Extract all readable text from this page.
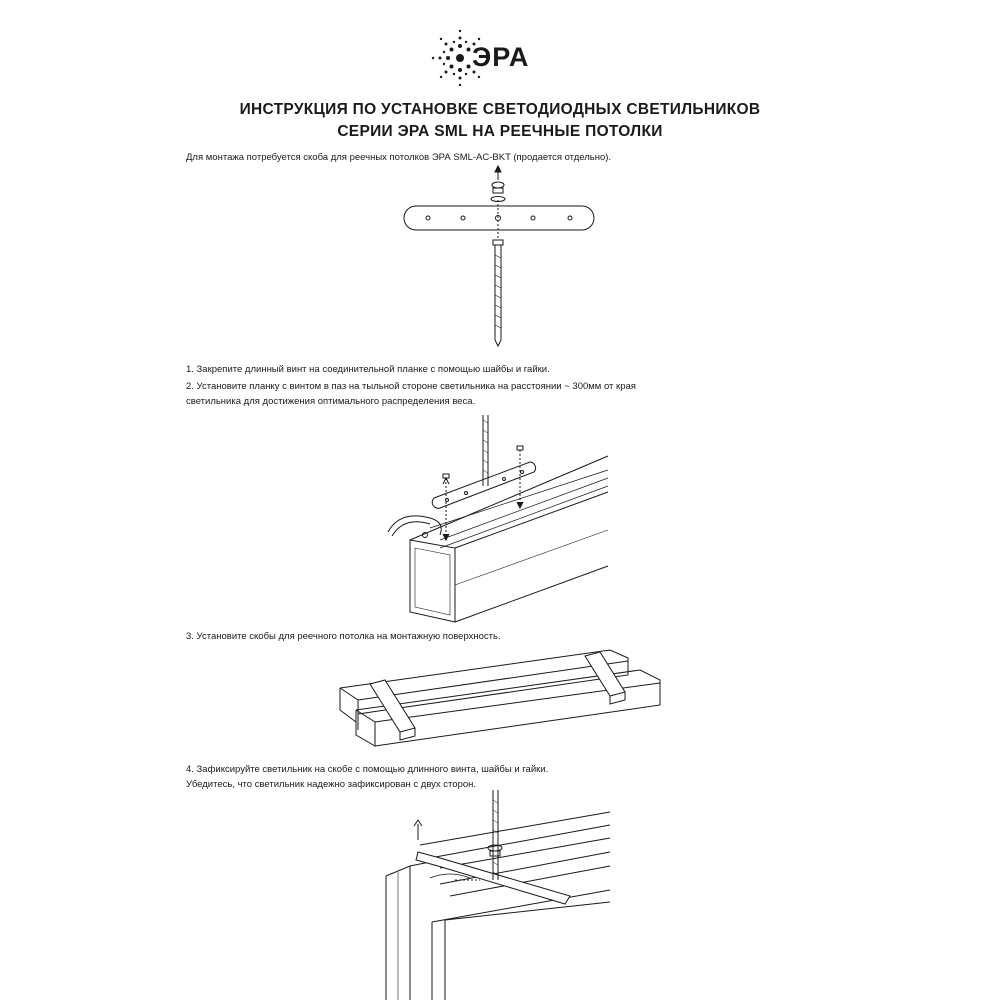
ЭРА
ИНСТРУКЦИЯ ПО УСТАНОВКЕ СВЕТОДИОДНЫХ СВЕТИЛЬНИКОВ
СЕРИИ ЭРА SML НА РЕЕЧНЫЕ ПОТОЛКИ
Для монтажа потребуется скоба для реечных потолков ЭРА SML-AC-BKT (продается отдельно).
1. Закрепите длинный винт на соединительной планке с помощью шайбы и гайки.
2. Установите планку с винтом в паз на тыльной стороне светильника на расстоянии ~ 300мм от края
светильника для достижения оптимального распределения веса.
3. Установите скобы для реечного потолка на монтажную поверхность.
4. Зафиксируйте светильник на скобе с помощью длинного винта, шайбы и гайки.
Убедитесь, что светильник надежно зафиксирован с двух сторон.
